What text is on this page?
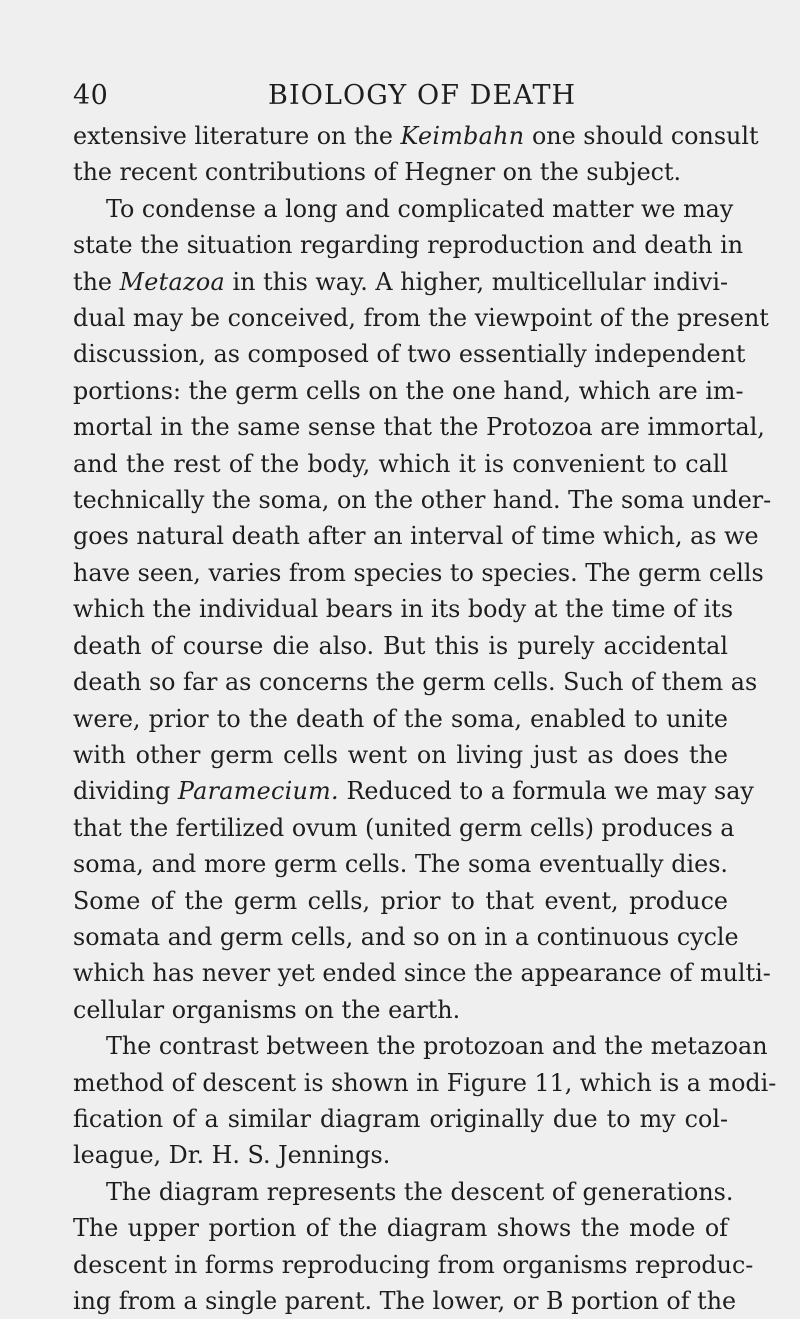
40	BIOLOGY OF DEATH
extensive literature on the Keimbahn one should consult
the recent contributions of Hegner on the subject.
To condense a long and complicated matter we may
state the situation regarding reproduction and death in
the Metazoa in this way. A higher, multicellular indivi-
dual may be conceived, from the viewpoint of the present
discussion, as composed of two essentially independent
portions: the germ cells on the one hand, which are im-
mortal in the same sense that the Protozoa are immortal,
and the rest of the body, which it is convenient to call
technically the soma, on the other hand. The soma under-
goes natural death after an interval of time which, as we
have seen, varies from species to species. The germ cells
which the individual bears in its body at the time of its
death of course die also. But this is purely accidental
death so far as concerns the germ cells. Such of them as
were, prior to the death of the soma, enabled to unite
with other germ cells went on living just as does the
dividing Paramecium. Reduced to a formula we may say
that the fertilized ovum (united germ cells) produces a
soma, and more germ cells. The soma eventually dies.
Some of the germ cells, prior to that event, produce
somata and germ cells, and so on in a continuous cycle
which has never yet ended since the appearance of multi-
cellular organisms on the earth.
The contrast between the protozoan and the metazoan
method of descent is shown in Figure 11, which is a modi-
fication of a similar diagram originally due to my col-
league, Dr. H. S. Jennings.
The diagram represents the descent of generations.
The upper portion of the diagram shows the mode of
descent in forms reproducing from organisms reproduc-
ing from a single parent. The lower, or B portion of the
